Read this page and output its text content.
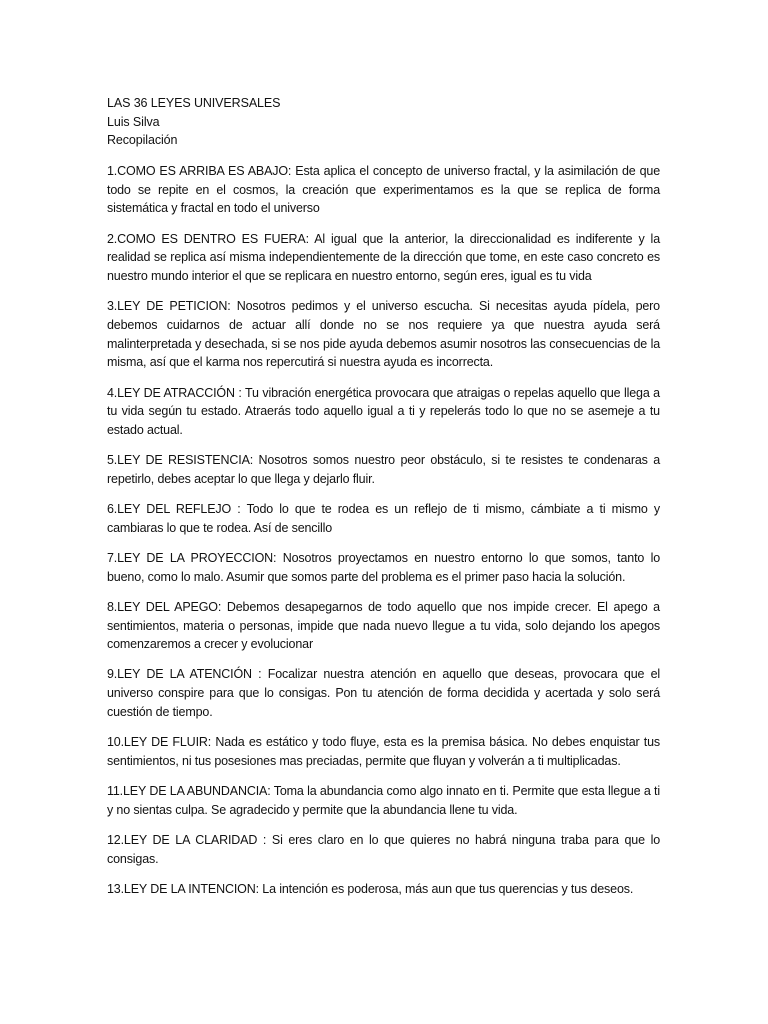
LAS 36 LEYES UNIVERSALES
Luis Silva
Recopilación

1.COMO ES ARRIBA ES ABAJO: Esta aplica el concepto de universo fractal, y la asimilación de que todo se repite en el cosmos, la creación que experimentamos es la que se replica de forma sistemática y fractal en todo el universo

2.COMO ES DENTRO ES FUERA: Al igual que la anterior, la direccionalidad es indiferente y la realidad se replica así misma independientemente de la dirección que tome, en este caso concreto es nuestro mundo interior el que se replicara en nuestro entorno, según eres, igual es tu vida

3.LEY DE PETICION: Nosotros pedimos y el universo escucha. Si necesitas ayuda pídela, pero debemos cuidarnos de actuar allí donde no se nos requiere ya que nuestra ayuda será malinterpretada y desechada, si se nos pide ayuda debemos asumir nosotros las consecuencias de la misma, así que el karma nos repercutirá si nuestra ayuda es incorrecta.

4.LEY DE ATRACCIÓN : Tu vibración energética provocara que atraigas o repelas aquello que llega a tu vida según tu estado. Atraerás todo aquello igual a ti y repelerás todo lo que no se asemeje a tu estado actual.

5.LEY DE RESISTENCIA: Nosotros somos nuestro peor obstáculo, si te resistes te condenaras a repetirlo, debes aceptar lo que llega y dejarlo fluir.

6.LEY DEL REFLEJO : Todo lo que te rodea es un reflejo de ti mismo, cámbiate a ti mismo y cambiaras lo que te rodea. Así de sencillo

7.LEY DE LA PROYECCION: Nosotros proyectamos en nuestro entorno lo que somos, tanto lo bueno, como lo malo. Asumir que somos parte del problema es el primer paso hacia la solución.

8.LEY DEL APEGO: Debemos desapegarnos de todo aquello que nos impide crecer. El apego a sentimientos, materia o personas, impide que nada nuevo llegue a tu vida, solo dejando los apegos comenzaremos a crecer y evolucionar

9.LEY DE LA ATENCIÓN : Focalizar nuestra atención en aquello que deseas, provocara que el universo conspire para que lo consigas. Pon tu atención de forma decidida y acertada y solo será cuestión de tiempo.

10.LEY DE FLUIR: Nada es estático y todo fluye, esta es la premisa básica. No debes enquistar tus sentimientos, ni tus posesiones mas preciadas, permite que fluyan y volverán a ti multiplicadas.

11.LEY DE LA ABUNDANCIA: Toma la abundancia como algo innato en ti. Permite que esta llegue a ti y no sientas culpa. Se agradecido y permite que la abundancia llene tu vida.

12.LEY DE LA CLARIDAD : Si eres claro en lo que quieres no habrá ninguna traba para que lo consigas.

13.LEY DE LA INTENCION: La intención es poderosa, más aun que tus querencias y tus deseos.
